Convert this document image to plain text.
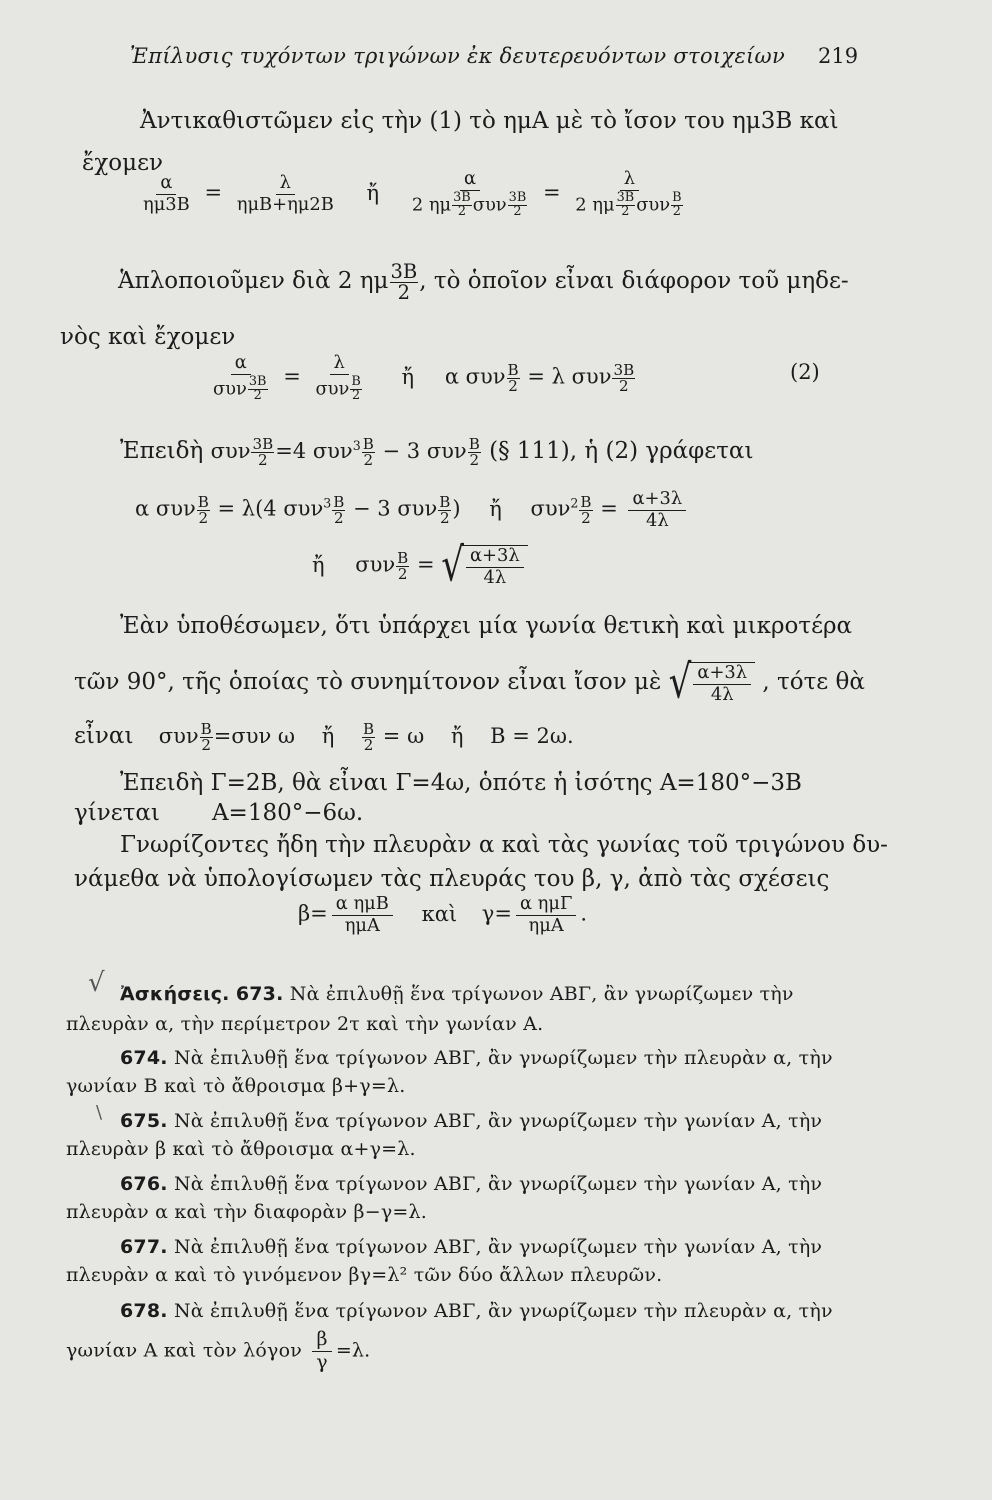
Ἐπίλυσις τυχόντων τριγώνων ἐκ δευτερευόντων στοιχείων 219
Ἀντικαθιστῶμεν εἰς τὴν (1) τὸ ημΑ μὲ τὸ ἴσον του ημ3Β καὶ
ἔχομεν
$\frac{\alpha}{\eta\mu 3B} = \frac{\lambda}{\text{ημΒ+ημ2Β}}$ ἤ $\frac{\alpha}{2 \eta\mu \frac{3B}{2} \sigma\upsilon\nu \frac{3B}{2}} = \frac{\lambda}{2 \eta\mu \frac{3B}{2} \sigma\upsilon\nu \frac{B}{2}}$
Ἁπλοποιοῦμεν διὰ 2 ημ $\frac{3B}{2}$ , τὸ ὁποῖον εἶναι διάφορον τοῦ μηδε-
νὸς καὶ ἔχομεν
$\frac{\alpha}{\sigma\upsilon\nu \frac{3B}{2}} = \frac{\lambda}{\sigma\upsilon\nu \frac{B}{2}}$ ἤ α συν $\frac{B}{2} = \lambda$ συν $\frac{3B}{2}$	(2)
Ἐπειδὴ συν $\frac{3B}{2} =4$ $\sigma\upsilon\nu^3 \frac{B}{2} - 3$ συν $\frac{B}{2}$ (§ 111), ἡ (2) γράφεται
α συν $\frac{B}{2} = \lambda(4$ $\sigma\upsilon\nu^3 \frac{B}{2} - 3$ συν $\frac{B}{2}$ ) ἤ $\sigma\upsilon\nu^2 \frac{B}{2} = \frac{\alpha+3\lambda}{4\lambda}$
ἤ συν $\frac{B}{2}$ = √ $\frac{\alpha+3\lambda}{4\lambda}$
Ἐὰν ὑποθέσωμεν, ὅτι ὑπάρχει μία γωνία θετικὴ καὶ μικροτέρα
τῶν 90°, τῆς ὁποίας τὸ συνημίτονον εἶναι ἴσον μὲ √ $\frac{\alpha+3\lambda}{4\lambda}$ , τότε θὰ
εἶναι συν $\frac{B}{2} =\sigma\upsilon\nu$ ω ἤ $\frac{B}{2} = \omega$ ἤ Β = 2ω.
Ἐπειδὴ Γ=2Β, θὰ εἶναι Γ=4ω, ὁπότε ἡ ἰσότης Α=180°−3Β
γίνεται Α=180°−6ω.
Γνωρίζοντες ἤδη τὴν πλευρὰν α καὶ τὰς γωνίας τοῦ τριγώνου δυ-
νάμεθα νὰ ὑπολογίσωμεν τὰς πλευράς του β, γ, ἀπὸ τὰς σχέσεις
$\beta= \frac{\text{α ημΒ}}{\text{ημΑ}}$ καὶ $\gamma= \frac{\text{α ημΓ}}{\text{ημΑ}}$ .
√ Ἀσκήσεις. 673. Νὰ ἐπιλυθῇ ἕνα τρίγωνον ΑΒΓ, ἂν γνωρίζωμεν τὴν
πλευρὰν α, τὴν περίμετρον 2τ καὶ τὴν γωνίαν Α.
674. Νὰ ἐπιλυθῇ ἕνα τρίγωνον ΑΒΓ, ἂν γνωρίζωμεν τὴν πλευρὰν α, τὴν
γωνίαν Β καὶ τὸ ἄθροισμα β+γ=λ.
\ 675. Νὰ ἐπιλυθῇ ἕνα τρίγωνον ΑΒΓ, ἂν γνωρίζωμεν τὴν γωνίαν Α, τὴν
πλευρὰν β καὶ τὸ ἄθροισμα α+γ=λ.
676. Νὰ ἐπιλυθῇ ἕνα τρίγωνον ΑΒΓ, ἂν γνωρίζωμεν τὴν γωνίαν Α, τὴν
πλευρὰν α καὶ τὴν διαφορὰν β−γ=λ.
677. Νὰ ἐπιλυθῇ ἕνα τρίγωνον ΑΒΓ, ἂν γνωρίζωμεν τὴν γωνίαν Α, τὴν
πλευρὰν α καὶ τὸ γινόμενον βγ=λ² τῶν δύο ἄλλων πλευρῶν.
678. Νὰ ἐπιλυθῇ ἕνα τρίγωνον ΑΒΓ, ἂν γνωρίζωμεν τὴν πλευρὰν α, τὴν
γωνίαν Α καὶ τὸν λόγον $\frac{\beta}{\gamma} =\lambda$.
